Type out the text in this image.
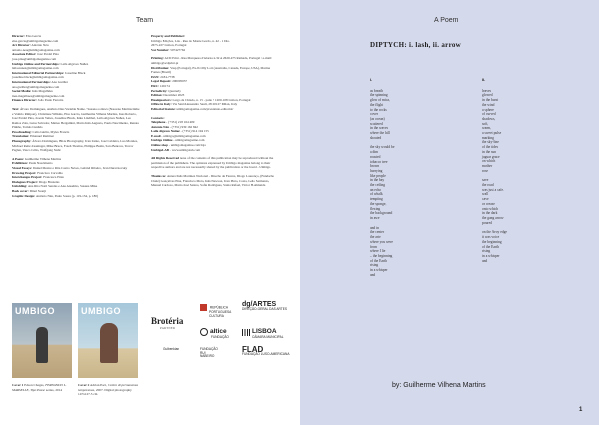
Team
Director: Elsa Garcia
elsa.garcia@umbigomagazine.com
Art Director: António Néu
antonio.neu@umbigomagazine.com
Associate Editor: José Pardal Pina
jose.pina@umbigomagazine.com
Umbigo Online and Partnerships: Laila Algaves Nuñez
laila.nunez@umbigomagazine.com
International Editorial Partnerships: Josseline Black
josseline.black@umbigomagazine.com
International Partnerships: Ana Greiller
ana.greiller@umbigomagazine.com
Social Media: Inês Magalhães
ines.magalhaes@umbigomagazine.com
Finance Director: João Paulo Ferreira
Text: Álvaro Domingues, Antônio Dias Variable Name / Susana ootlaws (Nascena Martins/inthe e Valério Rimpon), Christiane Wilkins, Elsa Garcia, Guilherme Vilhena Martins, Ines Roberto, José Pardal Pina, Joseda Veites, Josseline Black, Kika Lindthal, Laila Algaves Nuñez, Leo Ramos Zala, Luisa Salvador, Matteo Bergamini, Maria Inês Augusto, Paula Nascimento, Renata Pinhão, Tomás Cunhão
Proofreading: Celia Gúrtin, Myles Francis
Translation: Emanuel Ramírez
Photography: Álvaro Domingues, BKA Photography, Ivan Zatko, José Caldeira, Lua Morales, Michael Reitz-Zeaninger, Mike Bruce, Foteh Thomas, Philippe Bazin, Sara Benross, Trevor Paglen, Vasco Célio, Wolfgang Stahr
A Poem: Guilherme Vilhena Martins
Exhibition: Paula Nascimento
Visual Essays: Daniel Mestre e Rita Castro Neves, Gabriel Ribeiro, Ivan Duravnovsky
Drawing Project: Francisco Carvalho
Interchanges Project: Francesca Pinto
Dialogues Project: Diogo Bruxelas
Unfolding: Ana Rita Notti Sendas e Ana Anselmo, Susana Mike
Back cover: Dinal Ssonji
Graphic Design: António Néu, Paulo Souza (p. 119-134, p. 180)
Property and Publisher:
Umbigo Edições, Lda - Rua do Monte Gordo, n. 42 - 1 Dto.
2675-227 Lisbon, Portugal
Vat Number: 507427762
Printing: ACD Print - Rua Marquesa d'Alorna n.32 A 2620-475 Ramada, Portugal / e-mail: umbigo@acdprint.pt
Distribution: Vasp (Portugal), Ex-lb Olly Lori (Australia, Canada, Europe, USA), Marina Fontes (Brazil)
ISSN: 2184-7738
Legal Deposit: 200005037
ERC: 126174
Periodicity: Quarterly
Edition: December 2023
Headquarters: Largo da Chiado, n. 15 - patio • 1200-108 Lisbon, Portugal
Office in Italy: Via Sant'Alessandro Sauli, 28 20127 Milan, Italy
Editorial Statute: umbigomagazine.com/pt/estatuto-editorial/
Contacts:
Telephone - (+351) 218 164 409
António Néu - (+351) 939 162 842
Laila Algaves Nuñez - (+351) 914 194 155
E-mail - umbigo@umbigomagazine.com
Umbigo Online - umbigomagazine.com
Online shop - umbigomagazine.com/loja
UmbigoLAB - www.umbigolab.com
All Rights Reserved none of the contents of this publication may be reproduced without the permission of the publishers. The opinions expressed by Umbigo magazine belong to their respective authors and are not necessarily shared by the publication or the board - Umbigo.
Thanks to: Antero/Inês Martinez Nacional - Direcão de Fauves, Diogo Lourenço, (Fundacão Chalé) Gonçalves Pina, Francisco Mota, Inês Newson, Ivan Pinto, Costa, Leão Sarmento, Manuel Cardoso, Maria José Santos, Sofia Rodrigues, Sónia Rafael, Victor H.Almeida
UMBIGO	UMBIGO
Cover 1 Edson Chagas, FERNANDO L. MARSELLE, Tipo Passe series, 2014
Cover 2 Adrian Paci, Centro di permanenza temporanea, 2007. Digital photography 147x127.5 cm
Brotéria
PARTNER
REPÚBLICA
PORTUGUESA
CULTURA
dg/ARTES
DIREÇÃO-GERAL DAS ARTES
altice
FUNDAÇÃO
LISBOA
CÂMARA MUNICIPAL
Gulbenkian	FUNDAÇÃO
RUI
NABEIRO
FLAD
FUNDAÇÃO LUSO-AMERICANA
A Poem
DIPTYCH: i. lash, ii. arrow
i.
as breath
the spinning
glow of mica,
the flight
to the rocks
cover
(as ocean)
scattered
in the waves
where the hill
shouted
the sky would be
a dim
roasted
tobacco tree
brown
hurrying
like people
in the bay
the ceiling
an echo
of whalk
tempting
the sponge,
flexing
the background
in awe
and in
the center
the arte
where you were
from
where I lie
– the beginning
of the Earth
rising
in a whisper
and
ii.
leaves
glowed
in the burst
the wind
a sphere
of curved
shadows,
soft,
warm,
a sweet pulse
marking
the sky-line
of the tides
in the sun
jaguar grace
on which
mother
rose
save
the road
was just a cafe.
wall
cave
or crease
onto which
in the dark
the gang arrow
poured
on the Avoy edge
it was voice
the beginning
of the Earth
rising
in a whisper
and
by: Guilherme Vilhena Martins
1
